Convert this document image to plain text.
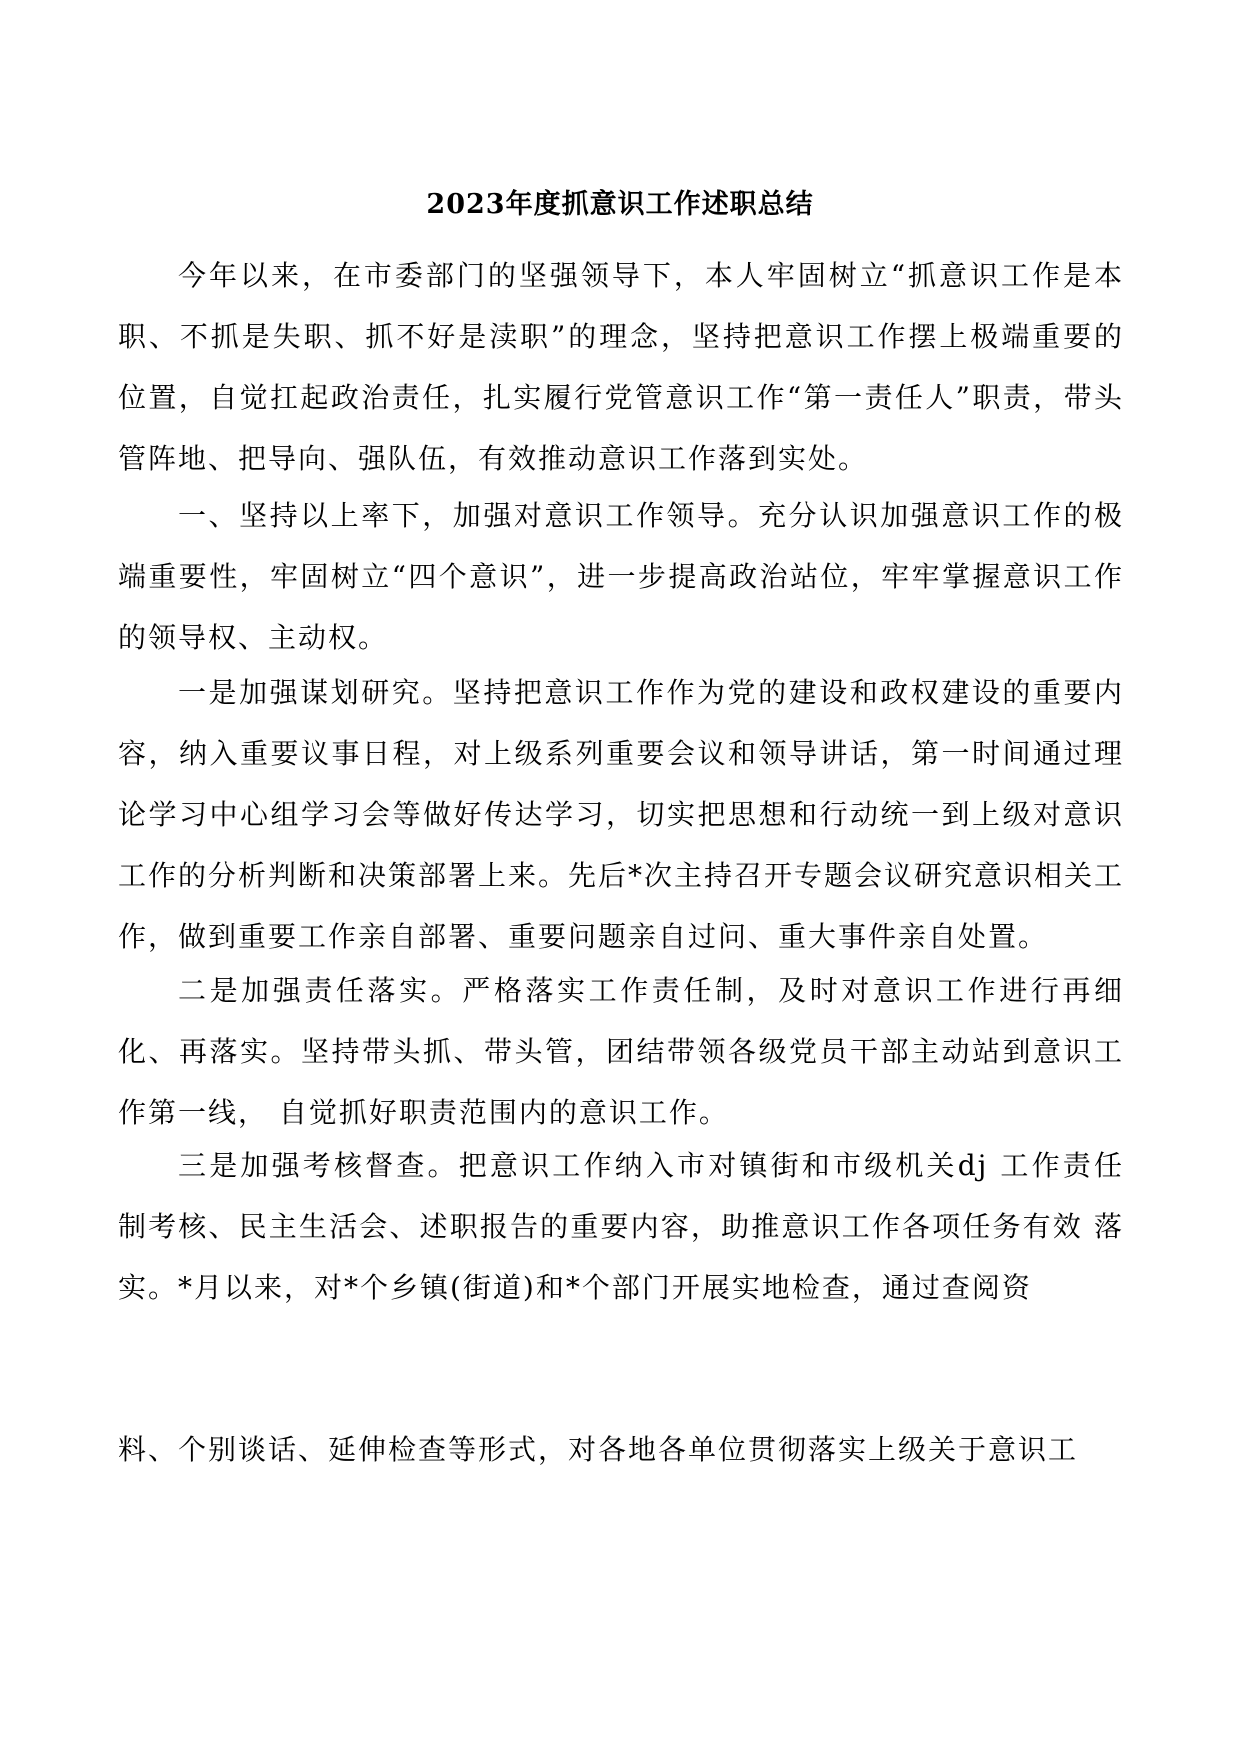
2023年度抓意识工作述职总结

今年以来，在市委部门的坚强领导下，本人牢固树立“抓意识工作是本职、不抓是失职、抓不好是渎职”的理念，坚持把意识工作摆上极端重要的位置，自觉扛起政治责任，扎实履行党管意识工作“第一责任人”职责，带头管阵地、把导向、强队伍，有效推动意识工作落到实处。

一、坚持以上率下，加强对意识工作领导。充分认识加强意识工作的极端重要性，牢固树立“四个意识”，进一步提高政治站位，牢牢掌握意识工作的领导权、主动权。

一是加强谋划研究。坚持把意识工作作为党的建设和政权建设的重要内容，纳入重要议事日程，对上级系列重要会议和领导讲话，第一时间通过理论学习中心组学习会等做好传达学习，切实把思想和行动统一到上级对意识工作的分析判断和决策部署上来。先后*次主持召开专题会议研究意识相关工作，做到重要工作亲自部署、重要问题亲自过问、重大事件亲自处置。

二是加强责任落实。严格落实工作责任制，及时对意识工作进行再细化、再落实。坚持带头抓、带头管，团结带领各级党员干部主动站到意识工作第一线， 自觉抓好职责范围内的意识工作。

三是加强考核督查。把意识工作纳入市对镇街和市级机关dj 工作责任 制考核、民主生活会、述职报告的重要内容，助推意识工作各项任务有效 落实。*月以来，对*个乡镇(街道)和*个部门开展实地检查，通过查阅资

料、个别谈话、延伸检查等形式，对各地各单位贯彻落实上级关于意识工
